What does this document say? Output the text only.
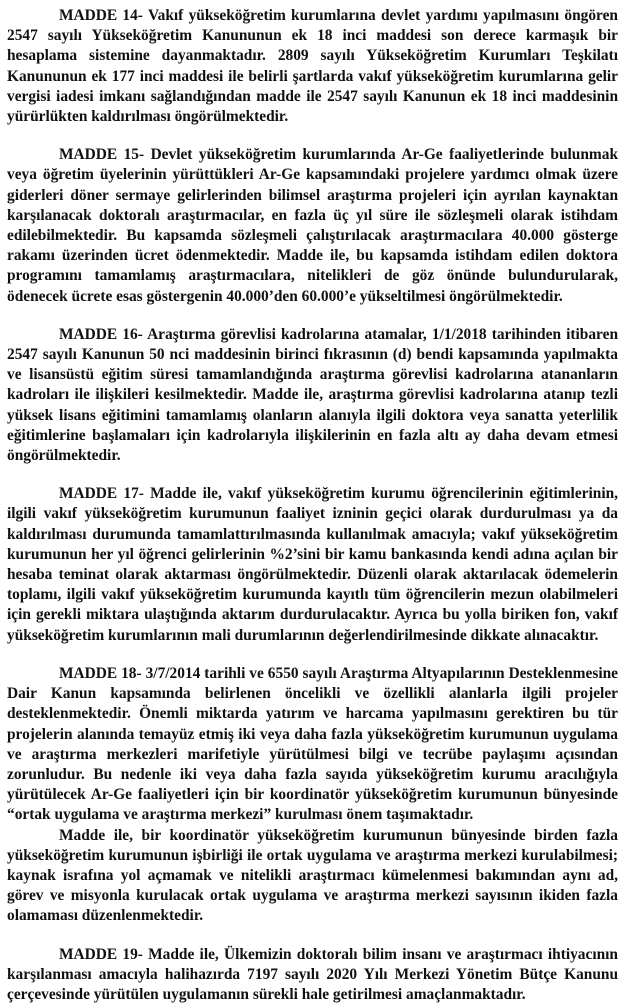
MADDE 14- Vakıf yükseköğretim kurumlarına devlet yardımı yapılmasını öngören 2547 sayılı Yükseköğretim Kanununun ek 18 inci maddesi son derece karmaşık bir hesaplama sistemine dayanmaktadır. 2809 sayılı Yükseköğretim Kurumları Teşkilatı Kanununun ek 177 inci maddesi ile belirli şartlarda vakıf yükseköğretim kurumlarına gelir vergisi iadesi imkanı sağlandığından madde ile 2547 sayılı Kanunun ek 18 inci maddesinin yürürlükten kaldırılması öngörülmektedir.

MADDE 15- Devlet yükseköğretim kurumlarında Ar-Ge faaliyetlerinde bulunmak veya öğretim üyelerinin yürüttükleri Ar-Ge kapsamındaki projelere yardımcı olmak üzere giderleri döner sermaye gelirlerinden bilimsel araştırma projeleri için ayrılan kaynaktan karşılanacak doktoralı araştırmacılar, en fazla üç yıl süre ile sözleşmeli olarak istihdam edilebilmektedir. Bu kapsamda sözleşmeli çalıştırılacak araştırmacılara 40.000 gösterge rakamı üzerinden ücret ödenmektedir. Madde ile, bu kapsamda istihdam edilen doktora programını tamamlamış araştırmacılara, nitelikleri de göz önünde bulundurularak, ödenecek ücrete esas göstergenin 40.000’den 60.000’e yükseltilmesi öngörülmektedir.

MADDE 16- Araştırma görevlisi kadrolarına atamalar, 1/1/2018 tarihinden itibaren 2547 sayılı Kanunun 50 nci maddesinin birinci fıkrasının (d) bendi kapsamında yapılmakta ve lisansüstü eğitim süresi tamamlandığında araştırma görevlisi kadrolarına atananların kadroları ile ilişkileri kesilmektedir. Madde ile, araştırma görevlisi kadrolarına atanıp tezli yüksek lisans eğitimini tamamlamış olanların alanıyla ilgili doktora veya sanatta yeterlilik eğitimlerine başlamaları için kadrolarıyla ilişkilerinin en fazla altı ay daha devam etmesi öngörülmektedir.

MADDE 17- Madde ile, vakıf yükseköğretim kurumu öğrencilerinin eğitimlerinin, ilgili vakıf yükseköğretim kurumunun faaliyet izninin geçici olarak durdurulması ya da kaldırılması durumunda tamamlattırılmasında kullanılmak amacıyla; vakıf yükseköğretim kurumunun her yıl öğrenci gelirlerinin %2’sini bir kamu bankasında kendi adına açılan bir hesaba teminat olarak aktarması öngörülmektedir. Düzenli olarak aktarılacak ödemelerin toplamı, ilgili vakıf yükseköğretim kurumunda kayıtlı tüm öğrencilerin mezun olabilmeleri için gerekli miktara ulaştığında aktarım durdurulacaktır. Ayrıca bu yolla biriken fon, vakıf yükseköğretim kurumlarının mali durumlarının değerlendirilmesinde dikkate alınacaktır.

MADDE 18- 3/7/2014 tarihli ve 6550 sayılı Araştırma Altyapılarının Desteklenmesine Dair Kanun kapsamında belirlenen öncelikli ve özellikli alanlarla ilgili projeler desteklenmektedir. Önemli miktarda yatırım ve harcama yapılmasını gerektiren bu tür projelerin alanında temayüz etmiş iki veya daha fazla yükseköğretim kurumunun uygulama ve araştırma merkezleri marifetiyle yürütülmesi bilgi ve tecrübe paylaşımı açısından zorunludur. Bu nedenle iki veya daha fazla sayıda yükseköğretim kurumu aracılığıyla yürütülecek Ar-Ge faaliyetleri için bir koordinatör yükseköğretim kurumunun bünyesinde “ortak uygulama ve araştırma merkezi” kurulması önem taşımaktadır.

Madde ile, bir koordinatör yükseköğretim kurumunun bünyesinde birden fazla yükseköğretim kurumunun işbirliği ile ortak uygulama ve araştırma merkezi kurulabilmesi; kaynak israfına yol açmamak ve nitelikli araştırmacı kümelenmesi bakımından aynı ad, görev ve misyonla kurulacak ortak uygulama ve araştırma merkezi sayısının ikiden fazla olamaması düzenlenmektedir.

MADDE 19- Madde ile, Ülkemizin doktoralı bilim insanı ve araştırmacı ihtiyacının karşılanması amacıyla halihazırda 7197 sayılı 2020 Yılı Merkezi Yönetim Bütçe Kanunu çerçevesinde yürütülen uygulamanın sürekli hale getirilmesi amaçlanmaktadır.
